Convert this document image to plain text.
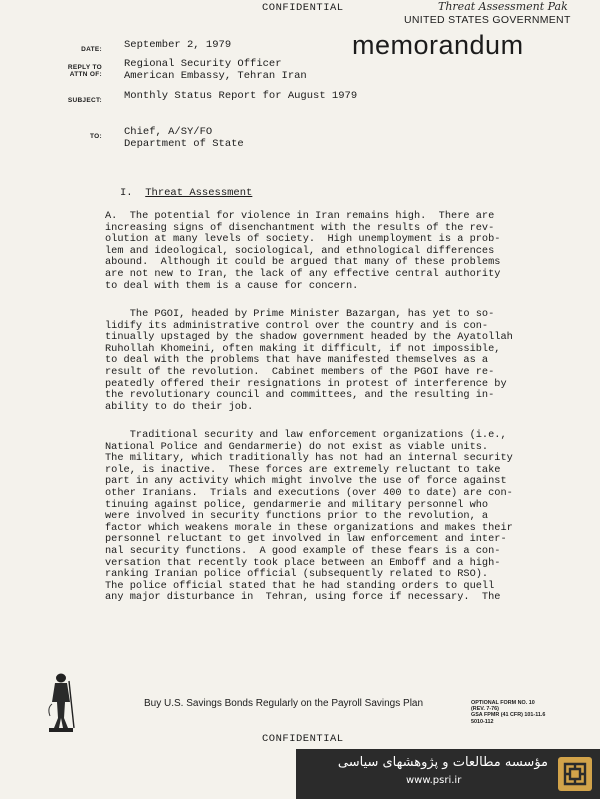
CONFIDENTIAL	Threat Assessment Pak
UNITED STATES GOVERNMENT
memorandum
DATE: September 2, 1979
REPLY TO
ATTN OF:
Regional Security Officer
American Embassy, Tehran Iran
SUBJECT: Monthly Status Report for August 1979
TO: Chief, A/SY/FO
Department of State
I. Threat Assessment
A.  The potential for violence in Iran remains high.  There are
increasing signs of disenchantment with the results of the rev-
olution at many levels of society.  High unemployment is a prob-
lem and ideological, sociological, and ethnological differences
abound.  Although it could be argued that many of these problems
are not new to Iran, the lack of any effective central authority
to deal with them is a cause for concern.
The PGOI, headed by Prime Minister Bazargan, has yet to so-
lidify its administrative control over the country and is con-
tinually upstaged by the shadow government headed by the Ayatollah
Ruhollah Khomeini, often making it difficult, if not impossible,
to deal with the problems that have manifested themselves as a
result of the revolution.  Cabinet members of the PGOI have re-
peatedly offered their resignations in protest of interference by
the revolutionary council and committees, and the resulting in-
ability to do their job.
Traditional security and law enforcement organizations (i.e.,
National Police and Gendarmerie) do not exist as viable units.
The military, which traditionally has not had an internal security
role, is inactive.  These forces are extremely reluctant to take
part in any activity which might involve the use of force against
other Iranians.  Trials and executions (over 400 to date) are con-
tinuing against police, gendarmerie and military personnel who
were involved in security functions prior to the revolution, a
factor which weakens morale in these organizations and makes their
personnel reluctant to get involved in law enforcement and inter-
nal security functions.  A good example of these fears is a con-
versation that recently took place between an Emboff and a high-
ranking Iranian police official (subsequently related to RSO).
The police official stated that he had standing orders to quell
any major disturbance in  Tehran, using force if necessary.  The
Buy U.S. Savings Bonds Regularly on the Payroll Savings Plan	OPTIONAL FORM NO. 10
(REV. 7-76)
GSA FPMR (41 CFR) 101-11.6
5010-112
CONFIDENTIAL
مؤسسه مطالعات و پژوهشهای سیاسی
www.psri.ir
